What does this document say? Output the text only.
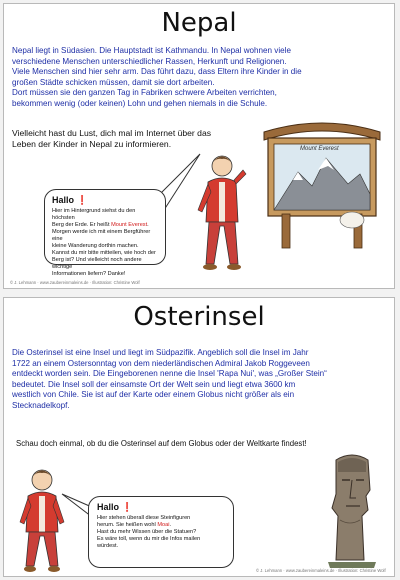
Nepal
Nepal liegt in Südasien. Die Hauptstadt ist Kathmandu. In Nepal wohnen viele
verschiedene Menschen unterschiedlicher Rassen, Herkunft und Religionen.
Viele Menschen sind hier sehr arm. Das führt dazu, dass Eltern ihre Kinder in die
großen Städte schicken müssen, damit sie dort arbeiten.
Dort müssen sie den ganzen Tag in Fabriken schwere Arbeiten verrichten,
bekommen wenig (oder keinen) Lohn und gehen niemals in die Schule.
Vielleicht hast du Lust, dich mal im Internet über das
Leben der Kinder in Nepal zu informieren.
Hallo ❗
Hier im Hintergrund siehst du den höchsten
Berg der Erde. Er heißt Mount Everest.
Morgen werde ich mit einem Bergführer eine
kleine Wanderung dorthin machen.
Kannst du mir bitte mitteilen, wie hoch der
Berg ist? Und vielleicht noch andere wichtige
Informationen liefern? Danke!
Mount Everest
© J. Lehmann · www.zaubereinmaleins.de · Illustration: Christine Wolf
Osterinsel
Die Osterinsel ist eine Insel und liegt im Südpazifik. Angeblich soll die Insel im Jahr
1722 an einem Ostersonntag von dem niederländischen Admiral Jakob Roggeveen
entdeckt worden sein. Die Eingeborenen nenne die Insel 'Rapa Nui', was „Großer Stein“
bedeutet. Die Insel soll der einsamste Ort der Welt sein und liegt etwa 3600 km
westlich von Chile. Sie ist auf der Karte oder einem Globus nicht größer als ein
Stecknadelkopf.
Schau doch einmal, ob du die Osterinsel auf dem Globus oder der Weltkarte findest!
Hallo ❗
Hier stehen überall diese Steinfiguren
herum. Sie heißen wohl Moai.
Hast du mehr Wissen über die Statuen?
Es wäre toll, wenn du mir die Infos mailen
würdest.
© J. Lehmann · www.zaubereinmaleins.de · Illustration: Christine Wolf
